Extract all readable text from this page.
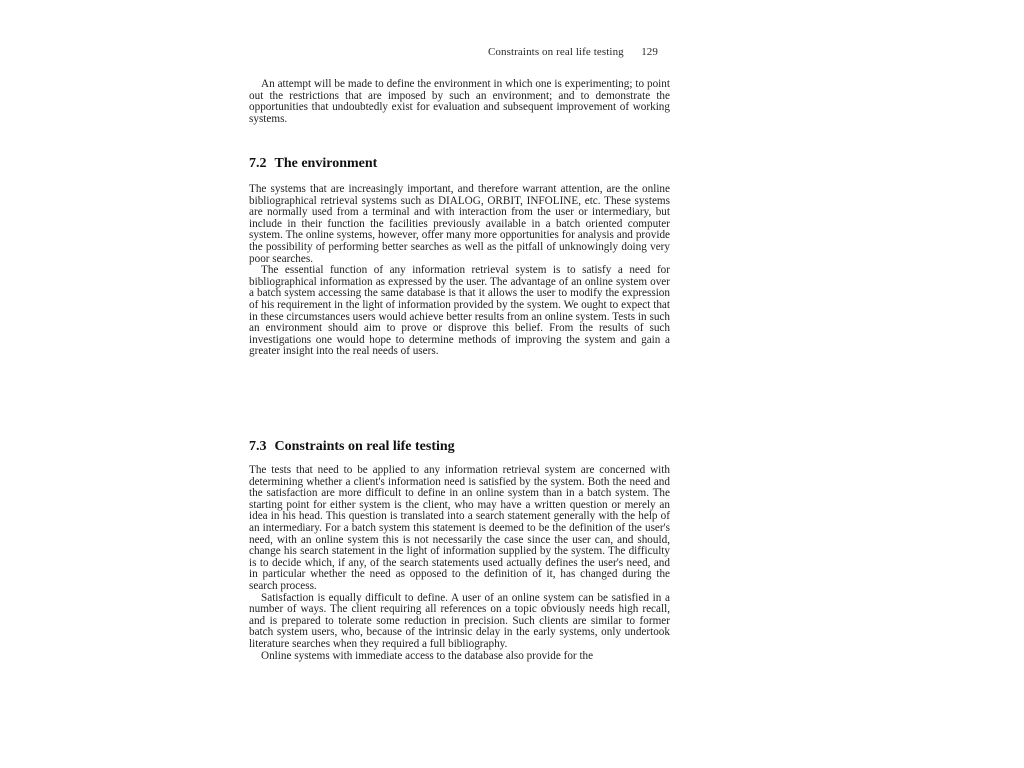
Constraints on real life testing 129

An attempt will be made to define the environment in which one is experimenting; to point out the restrictions that are imposed by such an environment; and to demonstrate the opportunities that undoubtedly exist for evaluation and subsequent improvement of working systems.

7.2 The environment

The systems that are increasingly important, and therefore warrant attention, are the online bibliographical retrieval systems such as DIALOG, ORBIT, INFOLINE, etc. These systems are normally used from a terminal and with interaction from the user or intermediary, but include in their function the facilities previously available in a batch oriented computer system. The online systems, however, offer many more opportunities for analysis and provide the possibility of performing better searches as well as the pitfall of unknowingly doing very poor searches.

The essential function of any information retrieval system is to satisfy a need for bibliographical information as expressed by the user. The advantage of an online system over a batch system accessing the same database is that it allows the user to modify the expression of his requirement in the light of information provided by the system. We ought to expect that in these circumstances users would achieve better results from an online system. Tests in such an environment should aim to prove or disprove this belief. From the results of such investigations one would hope to determine methods of improving the system and gain a greater insight into the real needs of users.

7.3 Constraints on real life testing

The tests that need to be applied to any information retrieval system are concerned with determining whether a client's information need is satisfied by the system. Both the need and the satisfaction are more difficult to define in an online system than in a batch system. The starting point for either system is the client, who may have a written question or merely an idea in his head. This question is translated into a search statement generally with the help of an intermediary. For a batch system this statement is deemed to be the definition of the user's need, with an online system this is not necessarily the case since the user can, and should, change his search statement in the light of information supplied by the system. The difficulty is to decide which, if any, of the search statements used actually defines the user's need, and in particular whether the need as opposed to the definition of it, has changed during the search process.

Satisfaction is equally difficult to define. A user of an online system can be satisfied in a number of ways. The client requiring all references on a topic obviously needs high recall, and is prepared to tolerate some reduction in precision. Such clients are similar to former batch system users, who, because of the intrinsic delay in the early systems, only undertook literature searches when they required a full bibliography.

Online systems with immediate access to the database also provide for the
